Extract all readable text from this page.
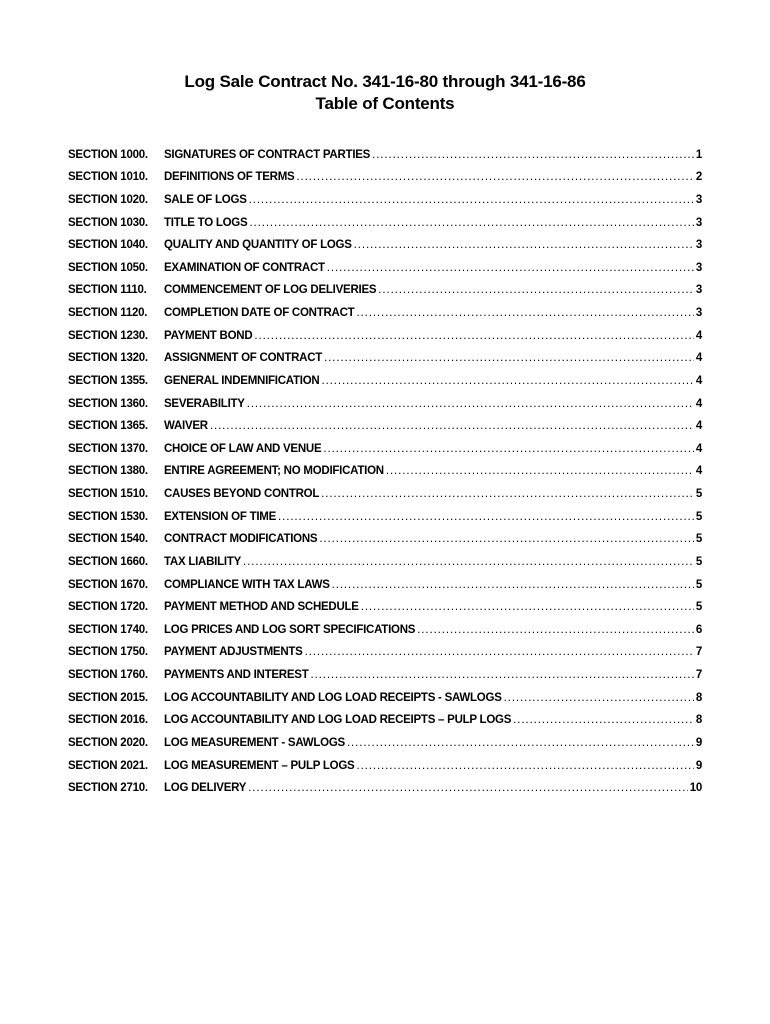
Log Sale Contract No. 341-16-80 through 341-16-86
Table of Contents
SECTION 1000.	SIGNATURES OF CONTRACT PARTIES .....	1
SECTION 1010.	DEFINITIONS OF TERMS .....	2
SECTION 1020.	SALE OF LOGS .....	3
SECTION 1030.	TITLE TO LOGS .....	3
SECTION 1040.	QUALITY AND QUANTITY OF LOGS .....	3
SECTION 1050.	EXAMINATION OF CONTRACT .....	3
SECTION 1110.	COMMENCEMENT OF LOG DELIVERIES .....	3
SECTION 1120.	COMPLETION DATE OF CONTRACT .....	3
SECTION 1230.	PAYMENT BOND .....	4
SECTION 1320.	ASSIGNMENT OF CONTRACT .....	4
SECTION 1355.	GENERAL INDEMNIFICATION .....	4
SECTION 1360.	SEVERABILITY .....	4
SECTION 1365.	WAIVER .....	4
SECTION 1370.	CHOICE OF LAW AND VENUE .....	4
SECTION 1380.	ENTIRE AGREEMENT; NO MODIFICATION .....	4
SECTION 1510.	CAUSES BEYOND CONTROL .....	5
SECTION 1530.	EXTENSION OF TIME .....	5
SECTION 1540.	CONTRACT MODIFICATIONS .....	5
SECTION 1660.	TAX LIABILITY .....	5
SECTION 1670.	COMPLIANCE WITH TAX LAWS .....	5
SECTION 1720.	PAYMENT METHOD AND SCHEDULE .....	5
SECTION 1740.	LOG PRICES AND LOG SORT SPECIFICATIONS .....	6
SECTION 1750.	PAYMENT ADJUSTMENTS .....	7
SECTION 1760.	PAYMENTS AND INTEREST .....	7
SECTION 2015.	LOG ACCOUNTABILITY AND LOG LOAD RECEIPTS - SAWLOGS .....	8
SECTION 2016.	LOG ACCOUNTABILITY AND LOG LOAD RECEIPTS – PULP LOGS .....	8
SECTION 2020.	LOG MEASUREMENT - SAWLOGS .....	9
SECTION 2021.	LOG MEASUREMENT – PULP LOGS .....	9
SECTION 2710.	LOG DELIVERY .....	10
